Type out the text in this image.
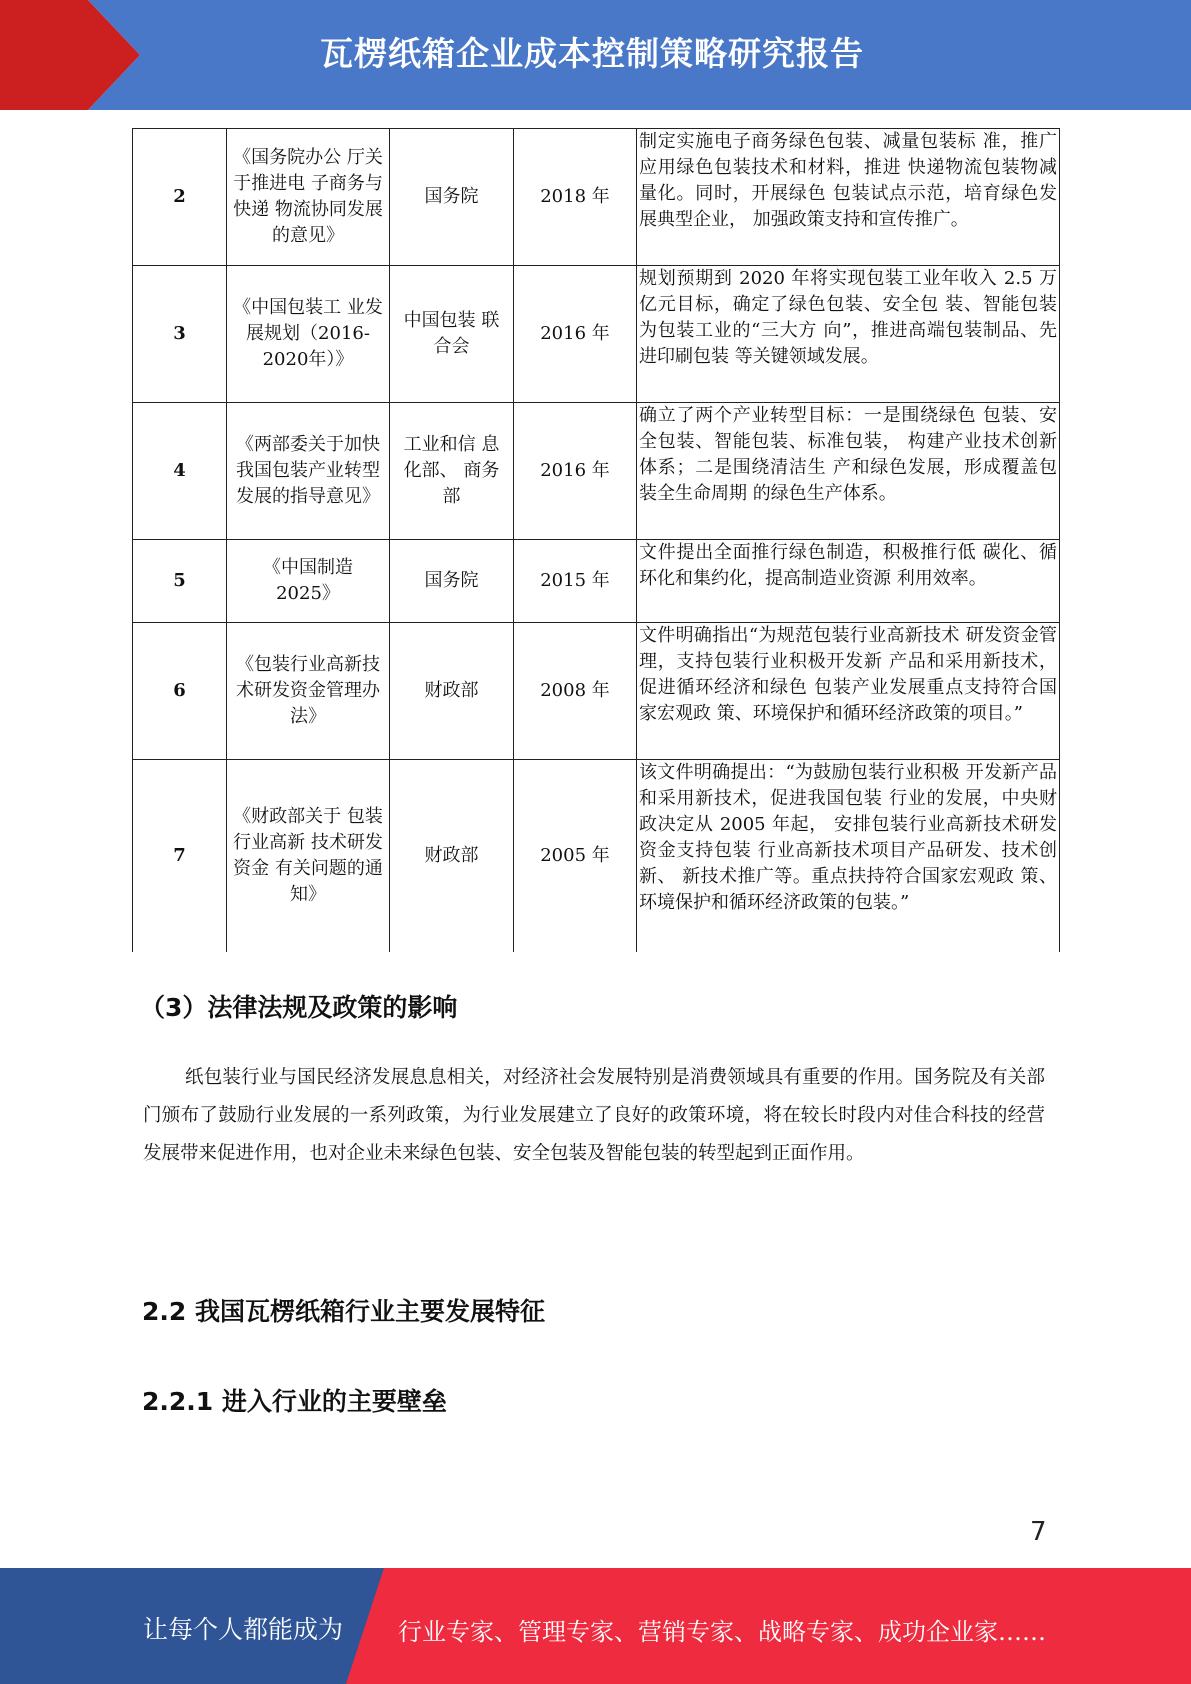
瓦楞纸箱企业成本控制策略研究报告
2	《国务院办公 厅关于推进电 子商务与快递 物流协同发展 的意见》	国务院	2018 年	制定实施电子商务绿色包装、减量包装标 准，推广应用绿色包装技术和材料，推进 快递物流包装物减量化。同时，开展绿色 包装试点示范，培育绿色发展典型企业， 加强政策支持和宣传推广。
3	《中国包装工 业发展规划（2016-2020年）》	中国包装 联合会	2016 年	规划预期到 2020 年将实现包装工业年收入 2.5 万亿元目标，确定了绿色包装、安全包 装、智能包装为包装工业的“三大方 向”，推进高端包装制品、先进印刷包装 等关键领域发展。
4	《两部委关于加快我国包装产业转型发展的指导意见》	工业和信 息化部、 商务部	2016 年	确立了两个产业转型目标：一是围绕绿色 包装、安全包装、智能包装、标准包装， 构建产业技术创新体系；二是围绕清洁生 产和绿色发展，形成覆盖包装全生命周期 的绿色生产体系。
5	《中国制造 2025》	国务院	2015 年	文件提出全面推行绿色制造，积极推行低 碳化、循环化和集约化，提高制造业资源 利用效率。
6	《包装行业高新技术研发资金管理办法》	财政部	2008 年	文件明确指出“为规范包装行业高新技术 研发资金管理，支持包装行业积极开发新 产品和采用新技术，促进循环经济和绿色 包装产业发展重点支持符合国家宏观政 策、环境保护和循环经济政策的项目。”
7	《财政部关于 包装行业高新 技术研发资金 有关问题的通 知》	财政部	2005 年	该文件明确提出：“为鼓励包装行业积极 开发新产品和采用新技术，促进我国包装 行业的发展，中央财政决定从 2005 年起， 安排包装行业高新技术研发资金支持包装 行业高新技术项目产品研发、技术创新、 新技术推广等。重点扶持符合国家宏观政 策、环境保护和循环经济政策的包装。”
（3）法律法规及政策的影响
纸包装行业与国民经济发展息息相关，对经济社会发展特别是消费领域具有重要的作用。国务院及有关部门颁布了鼓励行业发展的一系列政策，为行业发展建立了良好的政策环境，将在较长时段内对佳合科技的经营发展带来促进作用，也对企业未来绿色包装、安全包装及智能包装的转型起到正面作用。
2.2 我国瓦楞纸箱行业主要发展特征
2.2.1 进入行业的主要壁垒
7
让每个人都能成为 行业专家、管理专家、营销专家、战略专家、成功企业家……
